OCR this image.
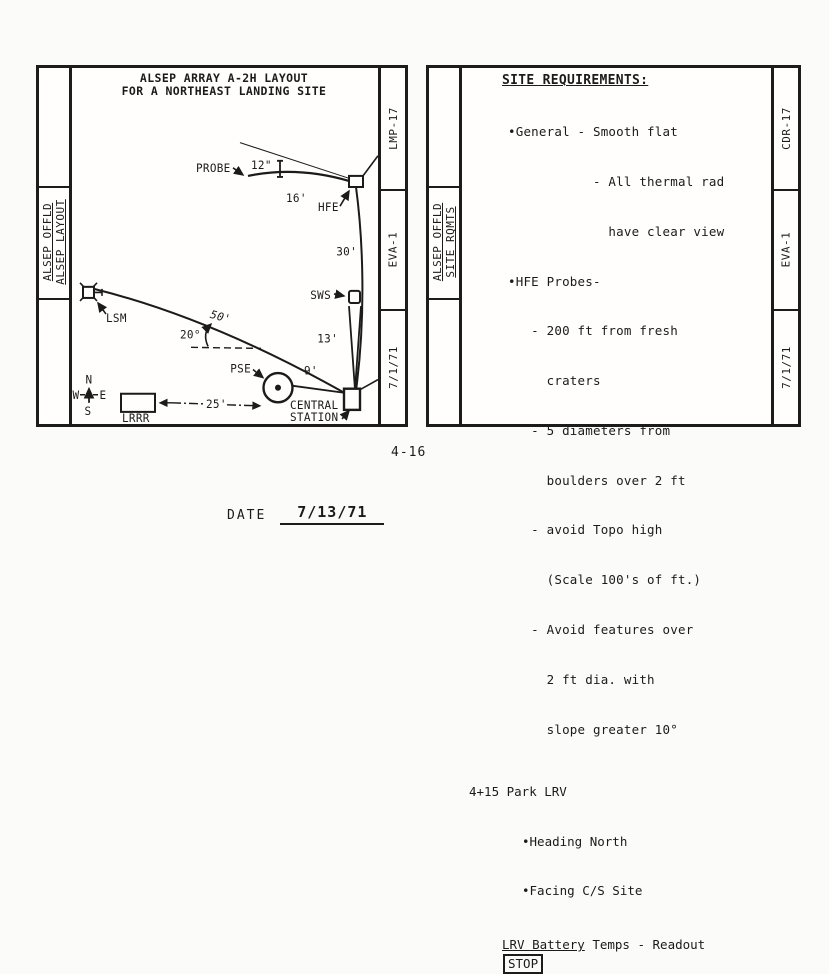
ALSEP OFFLD ALSEP LAYOUT
ALSEP ARRAY A-2H LAYOUT
FOR A NORTHEAST LANDING SITE
PROBE 12"
16'
HFE
30'
SWS
13'
LSM	50'
20°
PSE	9'
CENTRAL
STATION
LRRR
25'
N
W E
S
LMP-17
EVA-1
7/1/71
ALSEP OFFLD SITE RQMTS
SITE REQUIREMENTS:

•General - Smooth flat

- All thermal rad

have clear view

•HFE Probes-

- 200 ft from fresh

craters

- 5 diameters from

boulders over 2 ft

- avoid Topo high

(Scale 100's of ft.)

- Avoid features over

2 ft dia. with

slope greater 10°

4+15 Park LRV

•Heading North

•Facing C/S Site

LRV Battery Temps - Readout
STOP
CDR-17
EVA-1
7/1/71
4-16
DATE	7/13/71
